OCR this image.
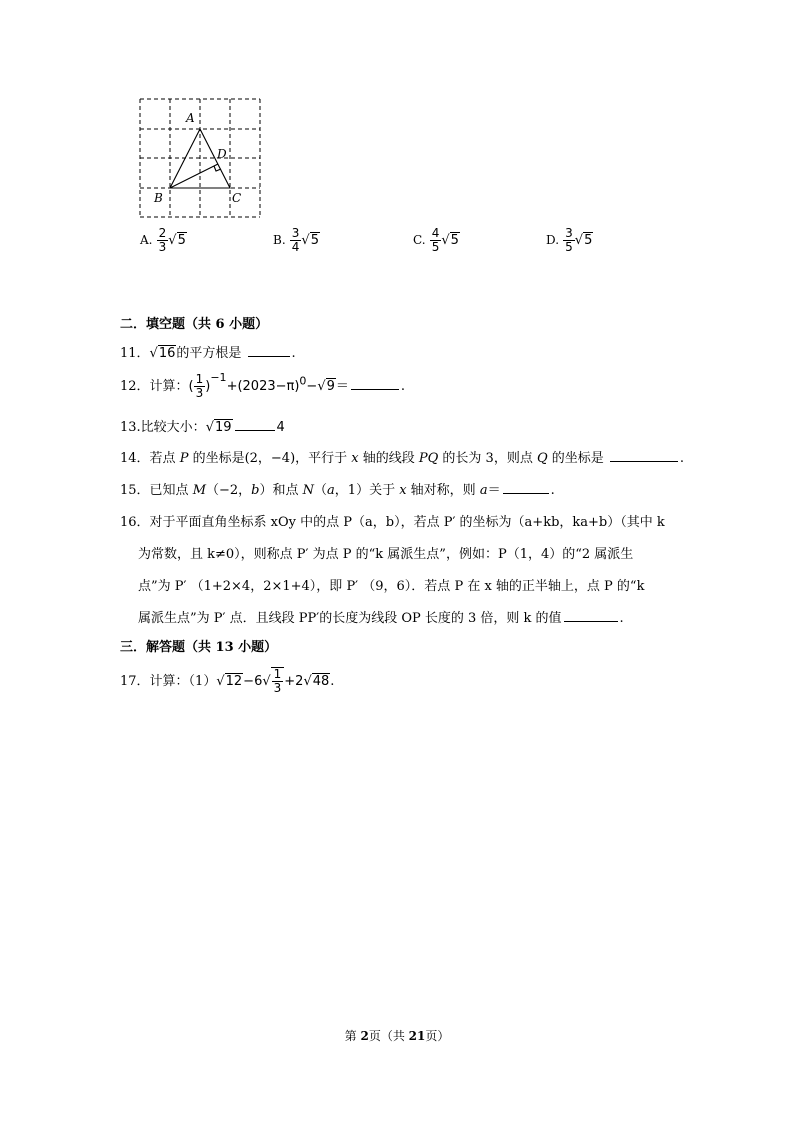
A
D
B	C
A. $\frac{2}{3} √5$	B. $\frac{3}{4} √5$	C. $\frac{4}{5} √5$	D. $\frac{3}{5} √5$
二．填空题（共 6 小题）
11．√16的平方根是	.
12．计算：( $\frac{1}{3} )^{-1}+(2023-\pi)^0-√9=$	.
13.比较大小：√19	4
14．若点 P 的坐标是(2，−4)，平行于 x 轴的线段 PQ 的长为 3，则点 Q 的坐标是	.
15．已知点 M（−2，b）和点 N（a，1）关于 x 轴对称，则 a＝	.
16．对于平面直角坐标系 xOy 中的点 P（a，b），若点 P′ 的坐标为（a+kb，ka+b）（其中 k
为常数，且 k≠0），则称点 P′ 为点 P 的“k 属派生点”，例如：P（1，4）的“2 属派生
点”为 P′ （1+2×4，2×1+4），即 P′ （9，6）．若点 P 在 x 轴的正半轴上，点 P 的“k
属派生点”为 P′ 点．且线段 PP′的长度为线段 OP 长度的 3 倍，则 k 的值	.
三．解答题（共 13 小题）
17．计算：$(1)√12-6√ \frac{1}{3} +2√48$.
第 2页（共 21页）
